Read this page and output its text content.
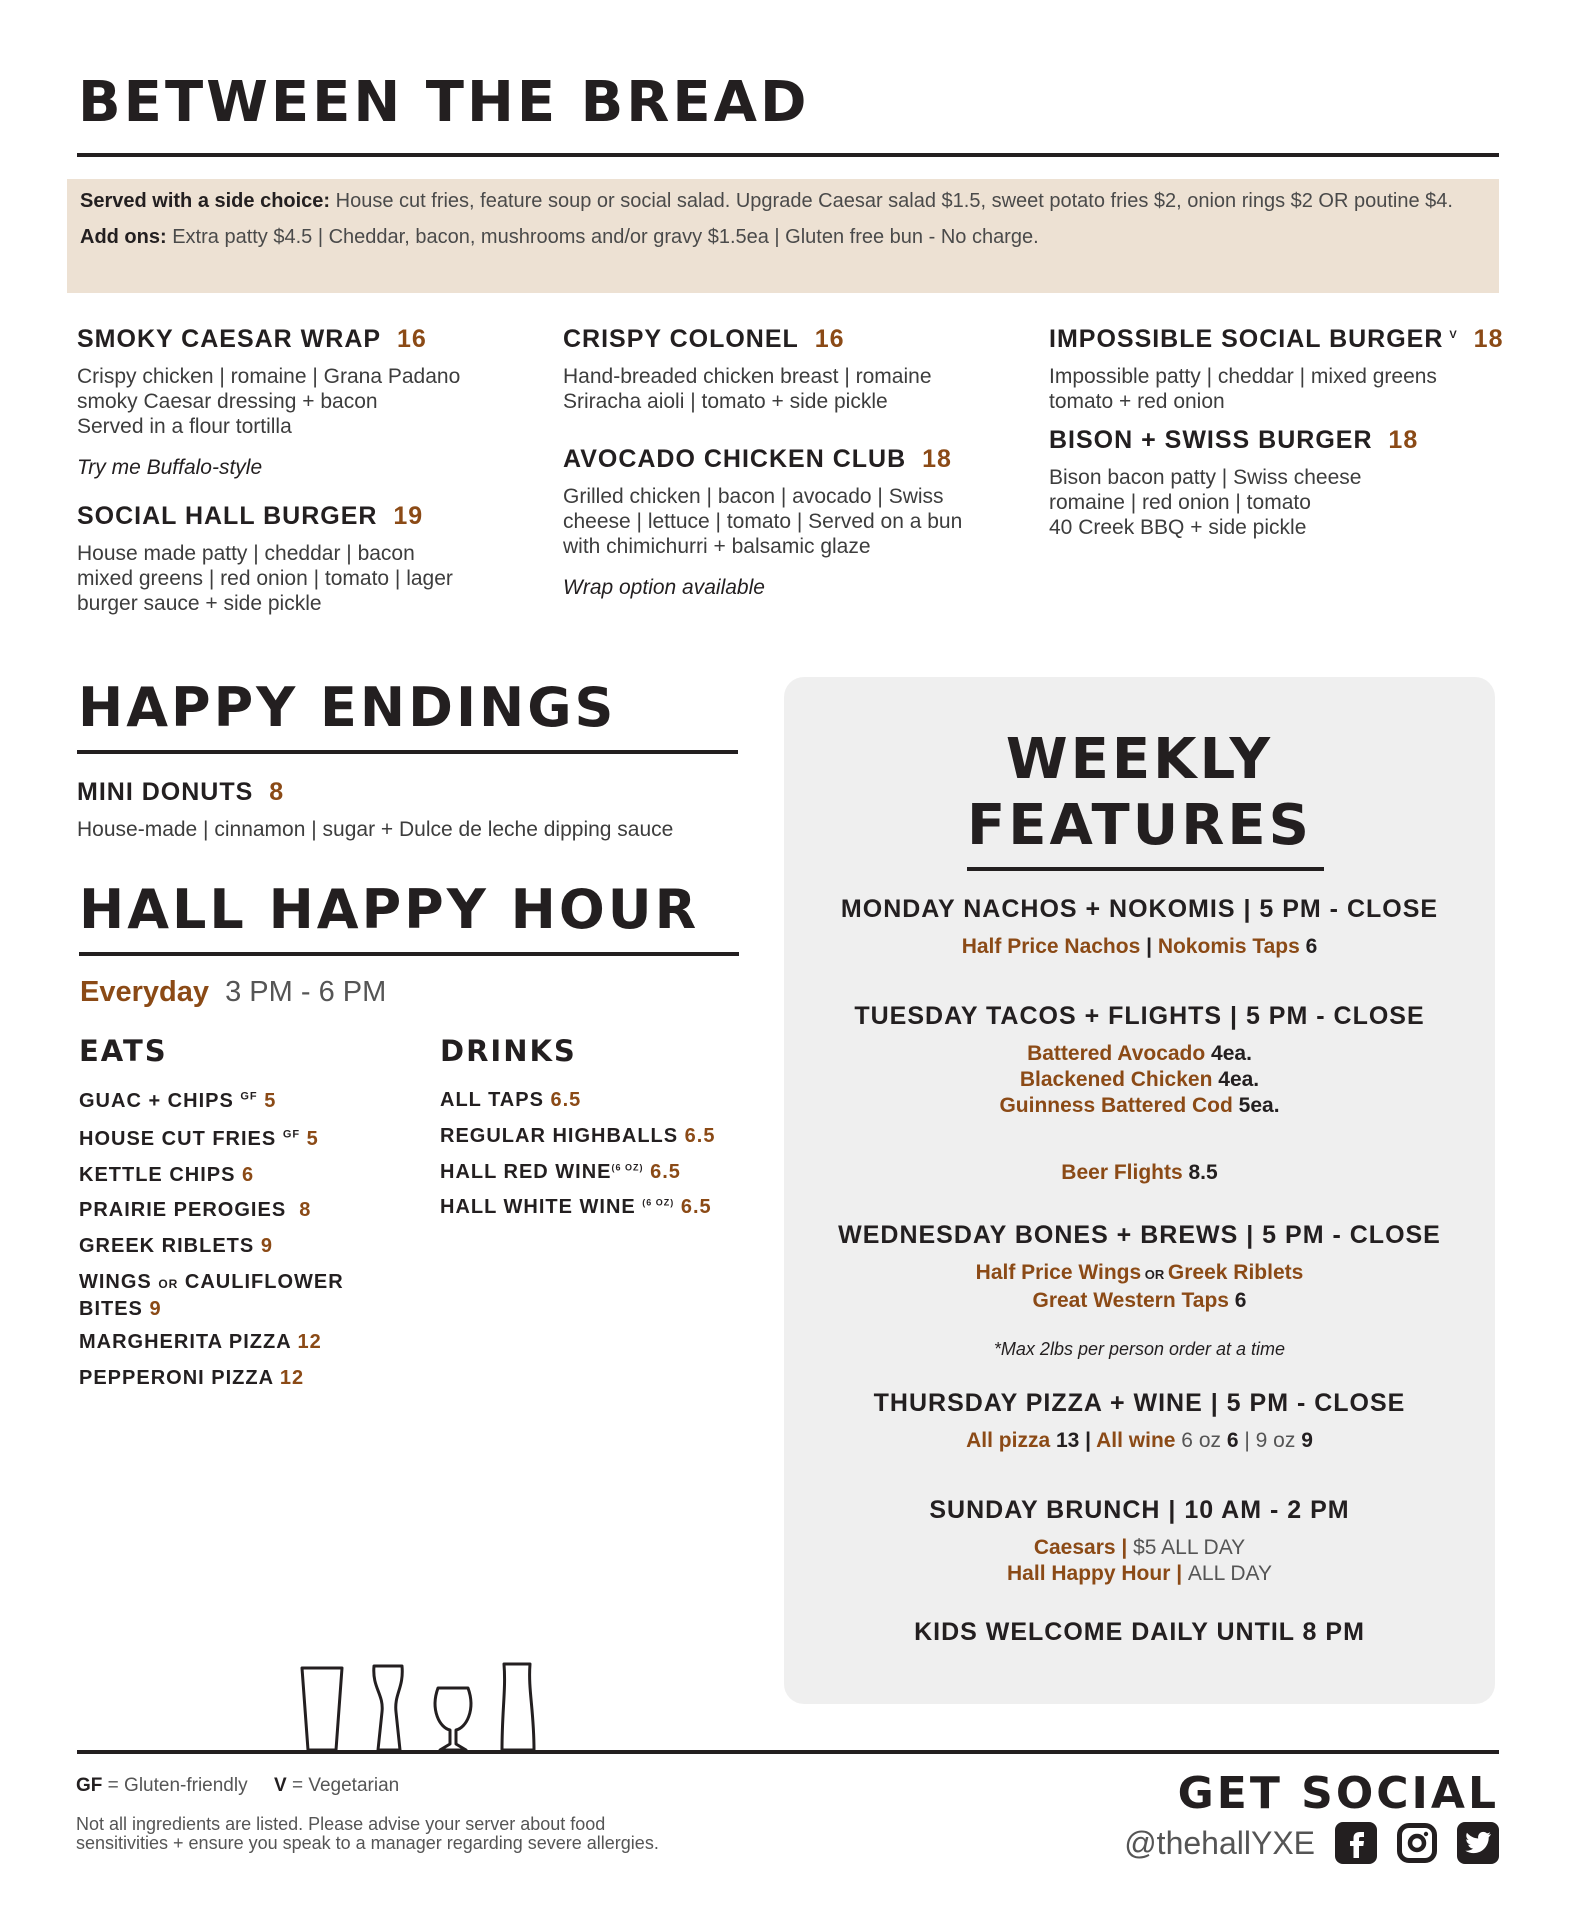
BETWEEN THE BREAD
Served with a side choice: House cut fries, feature soup or social salad. Upgrade Caesar salad $1.5, sweet potato fries $2, onion rings $2 OR poutine $4.
Add ons: Extra patty $4.5 | Cheddar, bacon, mushrooms and/or gravy $1.5ea | Gluten free bun - No charge.
SMOKY CAESAR WRAP 16
Crispy chicken | romaine | Grana Padano
smoky Caesar dressing + bacon
Served in a flour tortilla
Try me Buffalo-style
SOCIAL HALL BURGER 19
House made patty | cheddar | bacon
mixed greens | red onion | tomato | lager
burger sauce + side pickle
CRISPY COLONEL 16
Hand-breaded chicken breast | romaine
Sriracha aioli | tomato + side pickle
AVOCADO CHICKEN CLUB 18
Grilled chicken | bacon | avocado | Swiss
cheese | lettuce | tomato | Served on a bun
with chimichurri + balsamic glaze
Wrap option available
IMPOSSIBLE SOCIAL BURGER $^V$ 18
Impossible patty | cheddar | mixed greens
tomato + red onion
BISON + SWISS BURGER 18
Bison bacon patty | Swiss cheese
romaine | red onion | tomato
40 Creek BBQ + side pickle
HAPPY ENDINGS
MINI DONUTS 8
House-made | cinnamon | sugar + Dulce de leche dipping sauce
HALL HAPPY HOUR
Everyday 3 PM - 6 PM
EATS	DRINKS
GUAC + CHIPS $^{GF}$ 5
HOUSE CUT FRIES $^{GF}$ 5
KETTLE CHIPS 6
PRAIRIE PEROGIES 8
GREEK RIBLETS 9
WINGS OR CAULIFLOWER
BITES 9
MARGHERITA PIZZA 12
PEPPERONI PIZZA 12
ALL TAPS 6.5
REGULAR HIGHBALLS 6.5
HALL RED $WINE^{(6 OZ)}$ 6.5
HALL WHITE WINE $^{(6 OZ)}$ 6.5
WEEKLY
FEATURES
MONDAY NACHOS + NOKOMIS | 5 PM - CLOSE
Half Price Nachos | Nokomis Taps 6
TUESDAY TACOS + FLIGHTS | 5 PM - CLOSE
Battered Avocado 4ea.
Blackened Chicken 4ea.
Guinness Battered Cod 5ea.
Beer Flights 8.5
WEDNESDAY BONES + BREWS | 5 PM - CLOSE
Half Price Wings OR Greek Riblets
Great Western Taps 6
*Max 2lbs per person order at a time
THURSDAY PIZZA + WINE | 5 PM - CLOSE
All pizza 13 | All wine 6 oz 6 | 9 oz 9
SUNDAY BRUNCH | 10 AM - 2 PM
Caesars | $5 ALL DAY
Hall Happy Hour | ALL DAY
KIDS WELCOME DAILY UNTIL 8 PM
GF = Gluten-friendly V = Vegetarian
Not all ingredients are listed. Please advise your server about food
sensitivities + ensure you speak to a manager regarding severe allergies.
GET SOCIAL
@thehallYXE
